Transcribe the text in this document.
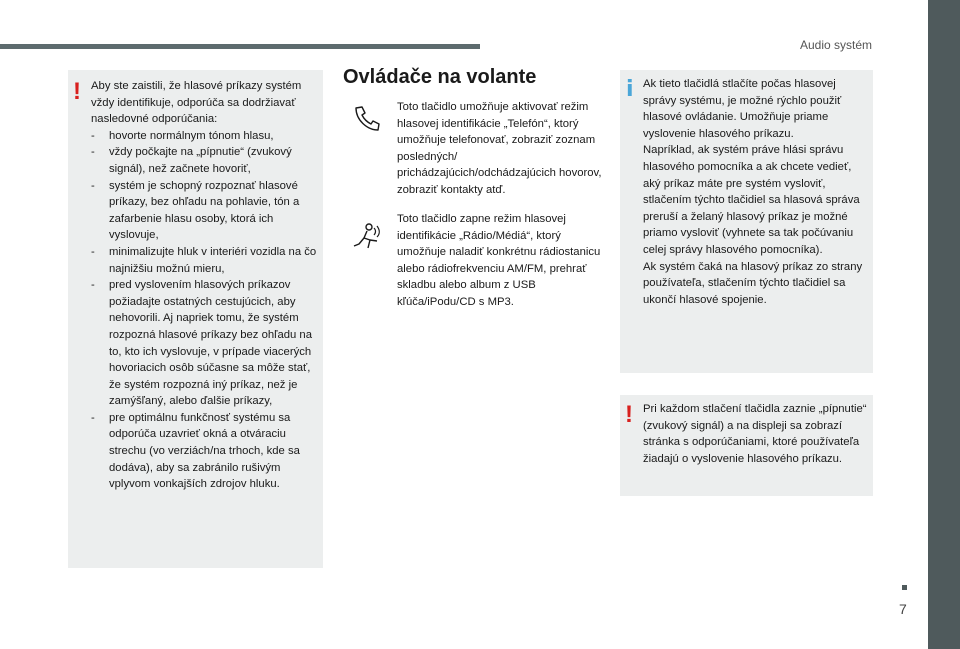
Audio systém
7
! Aby ste zaistili, že hlasové príkazy systém vždy identifikuje, odporúča sa dodržiavať nasledovné odporúčania:
- hovorte normálnym tónom hlasu,
- vždy počkajte na „pípnutie“ (zvukový signál), než začnete hovoriť,
- systém je schopný rozpoznať hlasové príkazy, bez ohľadu na pohlavie, tón a zafarbenie hlasu osoby, ktorá ich vyslovuje,
- minimalizujte hluk v interiéri vozidla na čo najnižšiu možnú mieru,
- pred vyslovením hlasových príkazov požiadajte ostatných cestujúcich, aby nehovorili. Aj napriek tomu, že systém rozpozná hlasové príkazy bez ohľadu na to, kto ich vyslovuje, v prípade viacerých hovoriacich osôb súčasne sa môže stať, že systém rozpozná iný príkaz, než je zamýšľaný, alebo ďalšie príkazy,
- pre optimálnu funkčnosť systému sa odporúča uzavrieť okná a otváraciu strechu (vo verziách/na trhoch, kde sa dodáva), aby sa zabránilo rušivým vplyvom vonkajších zdrojov hluku.
Ovládače na volante
Toto tlačidlo umožňuje aktivovať režim hlasovej identifikácie „Telefón“, ktorý umožňuje telefonovať, zobraziť zoznam posledných/ prichádzajúcich/odchádzajúcich hovorov, zobraziť kontakty atď.
Toto tlačidlo zapne režim hlasovej identifikácie „Rádio/Médiá“, ktorý umožňuje naladiť konkrétnu rádiostanicu alebo rádiofrekvenciu AM/FM, prehrať skladbu alebo album z USB kľúča/iPodu/CD s MP3.
i Ak tieto tlačidlá stlačíte počas hlasovej správy systému, je možné rýchlo použiť hlasové ovládanie. Umožňuje priame vyslovenie hlasového príkazu.
Napríklad, ak systém práve hlási správu hlasového pomocníka a ak chcete vedieť, aký príkaz máte pre systém vysloviť, stlačením týchto tlačidiel sa hlasová správa preruší a želaný hlasový príkaz je možné priamo vysloviť (vyhnete sa tak počúvaniu celej správy hlasového pomocníka).
Ak systém čaká na hlasový príkaz zo strany používateľa, stlačením týchto tlačidiel sa ukončí hlasové spojenie.
! Pri každom stlačení tlačidla zaznie „pípnutie“ (zvukový signál) a na displeji sa zobrazí stránka s odporúčaniami, ktoré používateľa žiadajú o vyslovenie hlasového príkazu.
